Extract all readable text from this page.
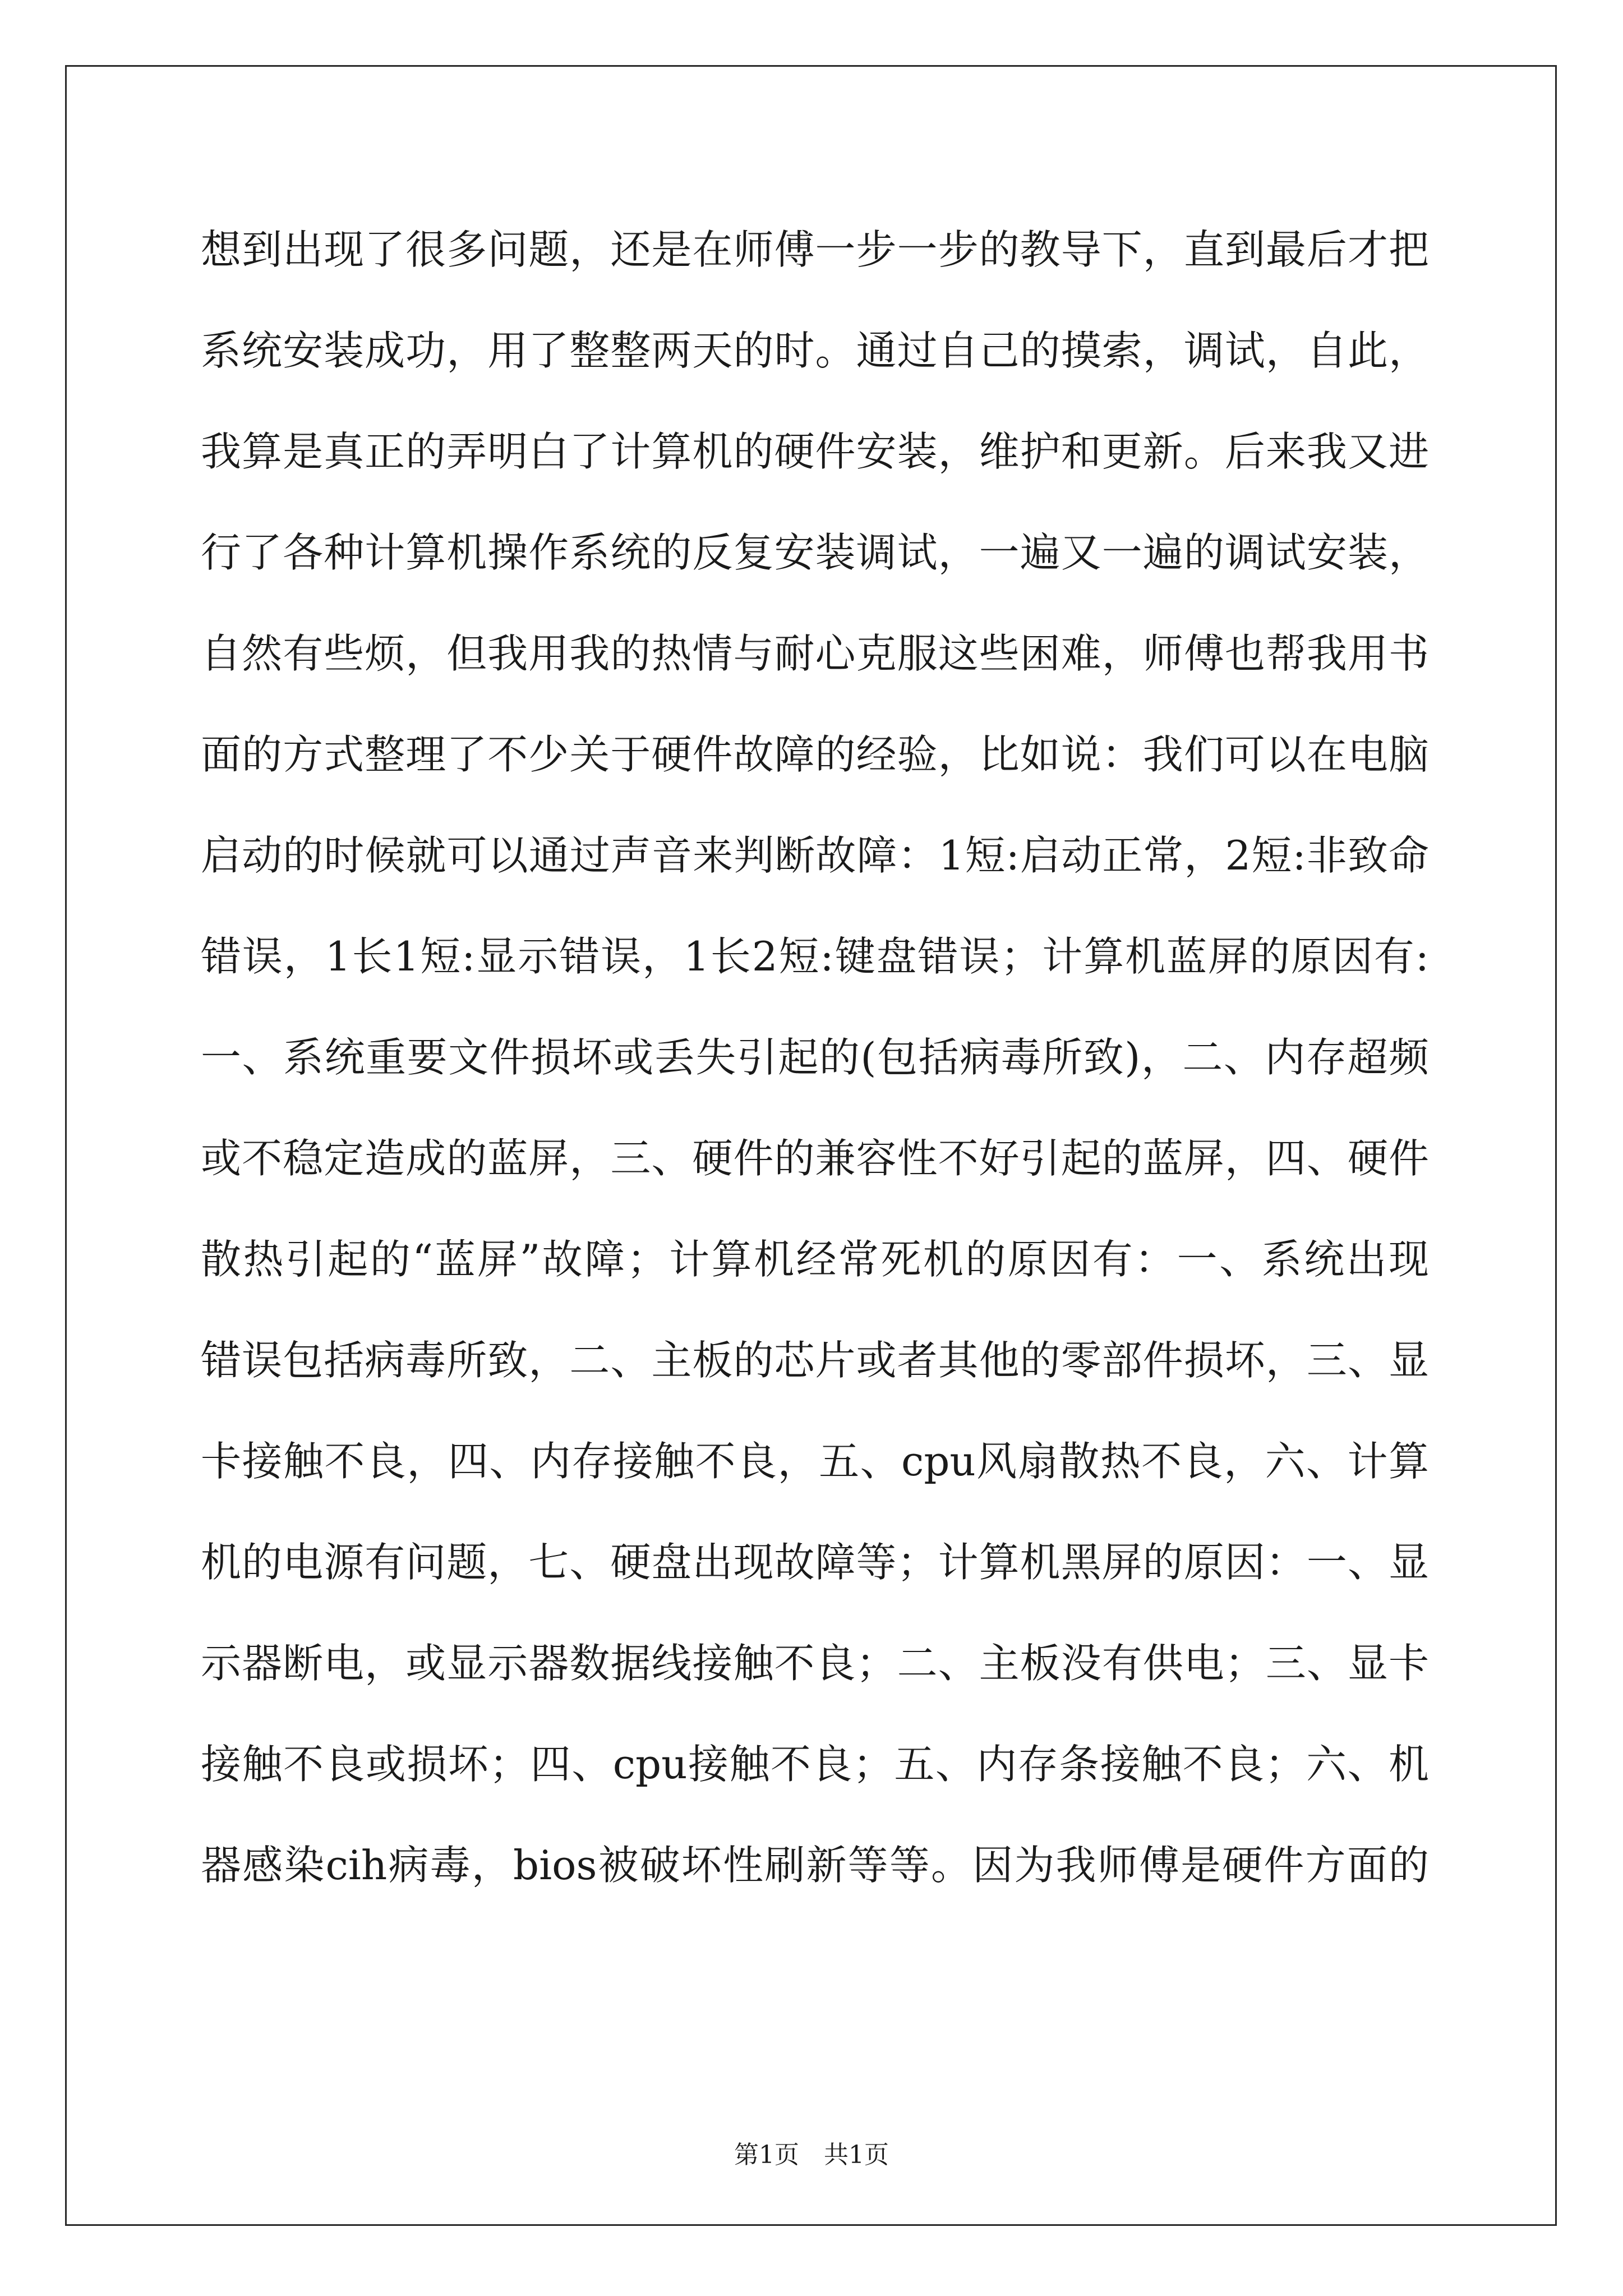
想到出现了很多问题，还是在师傅一步一步的教导下，直到最后才把
系统安装成功，用了整整两天的时。通过自己的摸索，调试，自此，
我算是真正的弄明白了计算机的硬件安装，维护和更新。后来我又进
行了各种计算机操作系统的反复安装调试，一遍又一遍的调试安装，
自然有些烦，但我用我的热情与耐心克服这些困难，师傅也帮我用书
面的方式整理了不少关于硬件故障的经验，比如说：我们可以在电脑
启动的时候就可以通过声音来判断故障：1短:启动正常，2短:非致命
错误，1长1短:显示错误，1长2短:键盘错误；计算机蓝屏的原因有:
一、系统重要文件损坏或丢失引起的(包括病毒所致)，二、内存超频
或不稳定造成的蓝屏，三、硬件的兼容性不好引起的蓝屏，四、硬件
散热引起的“蓝屏”故障；计算机经常死机的原因有：一、系统出现
错误包括病毒所致，二、主板的芯片或者其他的零部件损坏，三、显
卡接触不良，四、内存接触不良，五、cpu风扇散热不良，六、计算
机的电源有问题，七、硬盘出现故障等；计算机黑屏的原因：一、显
示器断电，或显示器数据线接触不良；二、主板没有供电；三、显卡
接触不良或损坏；四、cpu接触不良；五、内存条接触不良；六、机
器感染cih病毒，bios被破坏性刷新等等。因为我师傅是硬件方面的
第1页　共1页
